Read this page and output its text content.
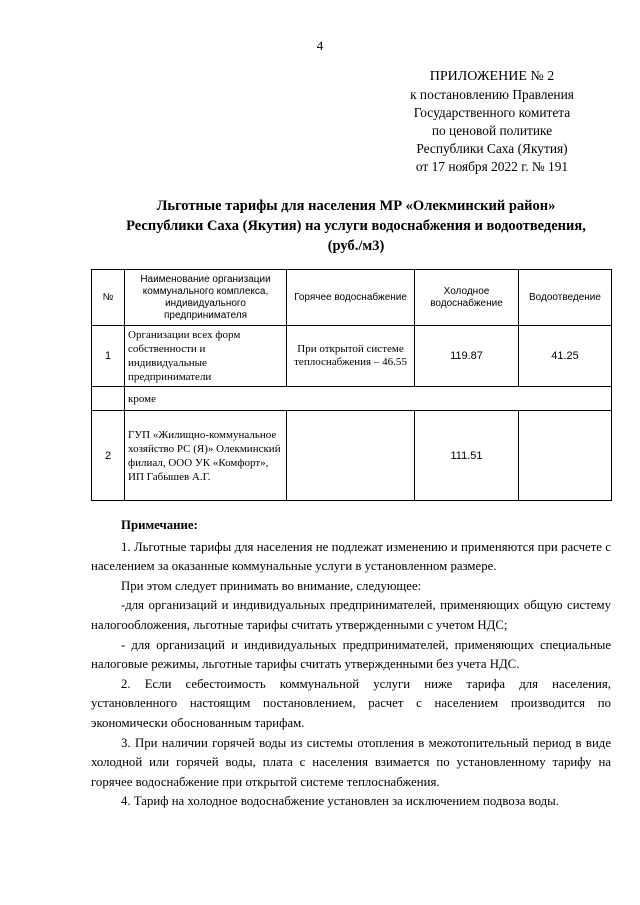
4
ПРИЛОЖЕНИЕ № 2
к постановлению Правления
Государственного комитета
по ценовой политике
Республики Саха (Якутия)
от 17 ноября 2022 г. № 191
Льготные тарифы для населения МР «Олекминский район»
Республики Саха (Якутия) на услуги водоснабжения и водоотведения,
(руб./м3)
№	Наименование организации коммунального комплекса, индивидуального предпринимателя	Горячее водоснабжение	Холодное водоснабжение	Водоотведение
1	Организации всех форм собственности и индивидуальные предприниматели	При открытой системе теплоснабжения – 46.55	119.87	41.25
	кроме			
2	ГУП «Жилищно-коммунальное хозяйство РС (Я)» Олекминский филиал, ООО УК «Комфорт», ИП Габышев А.Г.		111.51	

Примечание:

1. Льготные тарифы для населения не подлежат изменению и применяются при расчете с населением за оказанные коммунальные услуги в установленном размере.

При этом следует принимать во внимание, следующее:

-для организаций и индивидуальных предпринимателей, применяющих общую систему налогообложения, льготные тарифы считать утвержденными с учетом НДС;

- для организаций и индивидуальных предпринимателей, применяющих специальные налоговые режимы, льготные тарифы считать утвержденными без учета НДС.

2. Если себестоимость коммунальной услуги ниже тарифа для населения, установленного настоящим постановлением, расчет с населением производится по экономически обоснованным тарифам.

3. При наличии горячей воды из системы отопления в межотопительный период в виде холодной или горячей воды, плата с населения взимается по установленному тарифу на горячее водоснабжение при открытой системе теплоснабжения.

4. Тариф на холодное водоснабжение установлен за исключением подвоза воды.
